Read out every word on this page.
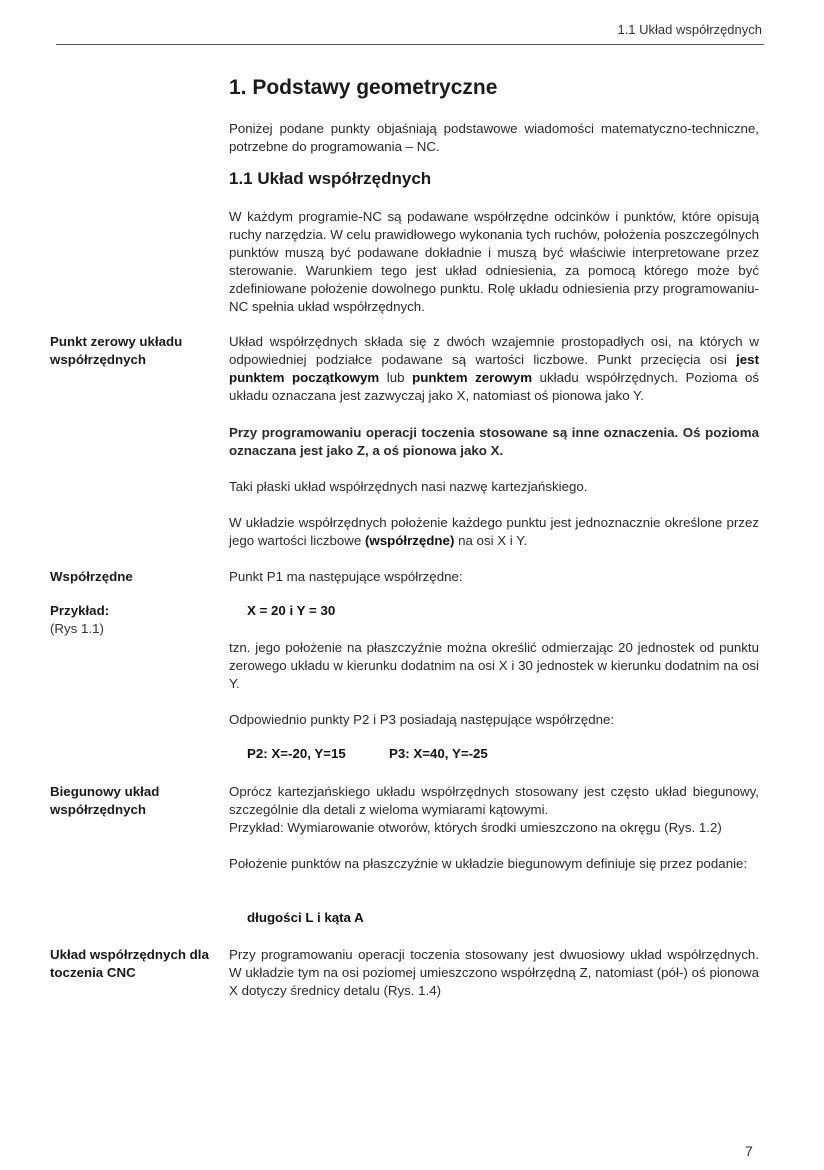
1.1 Układ współrzędnych
1. Podstawy geometryczne
Poniżej podane punkty objaśniają podstawowe wiadomości matematyczno-techniczne, potrzebne do programowania – NC.
1.1 Układ współrzędnych
W każdym programie-NC są podawane współrzędne odcinków i punktów, które opisują ruchy narzędzia. W celu prawidłowego wykonania tych ruchów, położenia poszczególnych punktów muszą być podawane dokładnie i muszą być właściwie interpretowane przez sterowanie. Warunkiem tego jest układ odniesienia, za pomocą którego może być zdefiniowane położenie dowolnego punktu. Rolę układu odniesienia przy programowaniu-NC spełnia układ współrzędnych.
Punkt zerowy układu współrzędnych
Układ współrzędnych składa się z dwóch wzajemnie prostopadłych osi, na których w odpowiedniej podziałce podawane są wartości liczbowe. Punkt przecięcia osi jest punktem początkowym lub punktem zerowym układu współrzędnych. Pozioma oś układu oznaczana jest zazwyczaj jako X, natomiast oś pionowa jako Y.
Przy programowaniu operacji toczenia stosowane są inne oznaczenia. Oś pozioma oznaczana jest jako Z, a oś pionowa jako X.
Taki płaski układ współrzędnych nasi nazwę kartezjańskiego.
W układzie współrzędnych położenie każdego punktu jest jednoznacznie określone przez jego wartości liczbowe (współrzędne) na osi X i Y.
Współrzędne	Punkt P1 ma następujące współrzędne:
Przykład:
(Rys 1.1)
X = 20 i Y = 30
tzn. jego położenie na płaszczyźnie można określić odmierzając 20 jednostek od punktu zerowego układu w kierunku dodatnim na osi X i 30 jednostek w kierunku dodatnim na osi Y.
Odpowiednio punkty P2 i P3 posiadają następujące współrzędne:
P2: X=-20, Y=15	P3: X=40, Y=-25
Biegunowy układ współrzędnych
Oprócz kartezjańskiego układu współrzędnych stosowany jest często układ biegunowy, szczególnie dla detali z wieloma wymiarami kątowymi.
Przykład: Wymiarowanie otworów, których środki umieszczono na okręgu (Rys. 1.2)
Położenie punktów na płaszczyźnie w układzie biegunowym definiuje się przez podanie:
długości L i kąta A
Układ współrzędnych dla toczenia CNC
Przy programowaniu operacji toczenia stosowany jest dwuosiowy układ współrzędnych. W układzie tym na osi poziomej umieszczono współrzędną Z, natomiast (pół-) oś pionowa X dotyczy średnicy detalu (Rys. 1.4)
7
